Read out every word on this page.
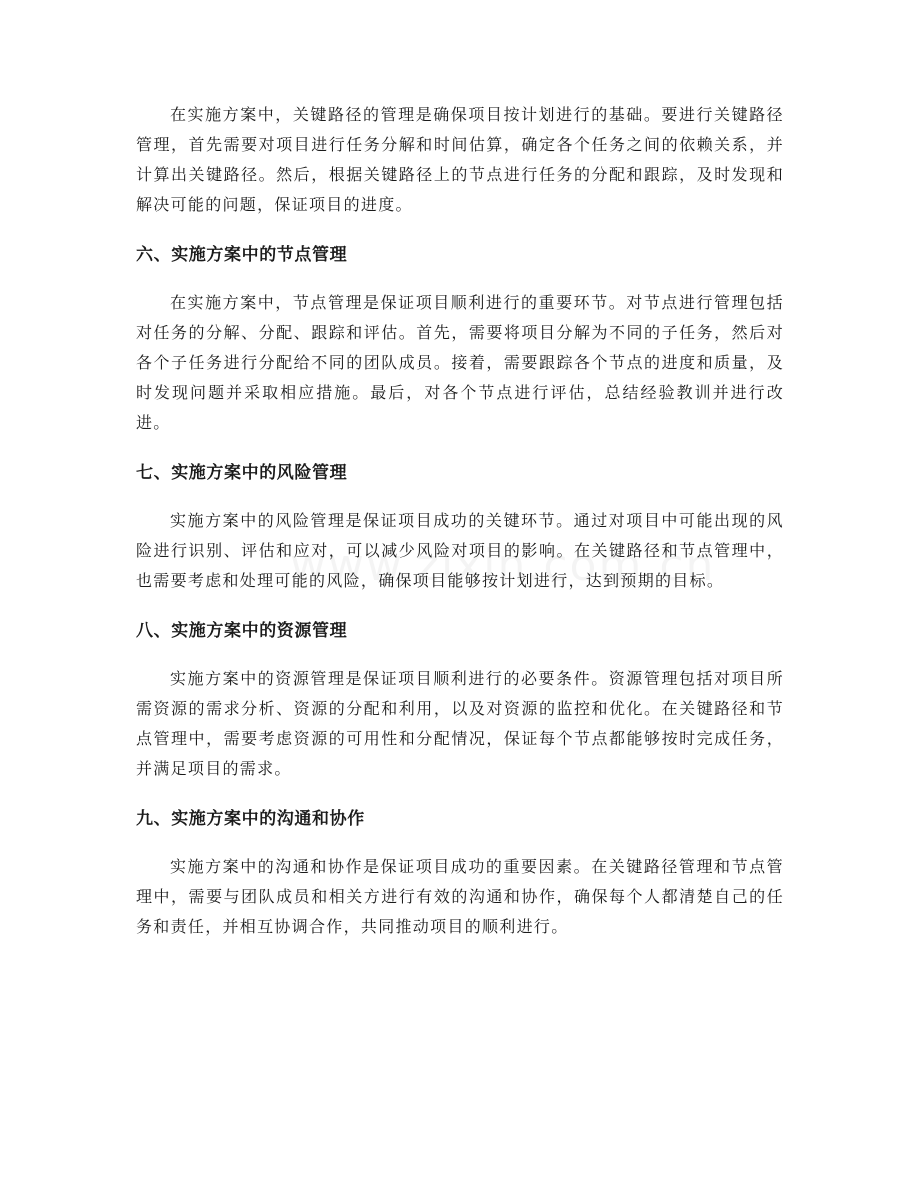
在实施方案中，关键路径的管理是确保项目按计划进行的基础。要进行关键路径管理，首先需要对项目进行任务分解和时间估算，确定各个任务之间的依赖关系，并计算出关键路径。然后，根据关键路径上的节点进行任务的分配和跟踪，及时发现和解决可能的问题，保证项目的进度。

六、实施方案中的节点管理

在实施方案中，节点管理是保证项目顺利进行的重要环节。对节点进行管理包括对任务的分解、分配、跟踪和评估。首先，需要将项目分解为不同的子任务，然后对各个子任务进行分配给不同的团队成员。接着，需要跟踪各个节点的进度和质量，及时发现问题并采取相应措施。最后，对各个节点进行评估，总结经验教训并进行改进。

七、实施方案中的风险管理

实施方案中的风险管理是保证项目成功的关键环节。通过对项目中可能出现的风险进行识别、评估和应对，可以减少风险对项目的影响。在关键路径和节点管理中，也需要考虑和处理可能的风险，确保项目能够按计划进行，达到预期的目标。

八、实施方案中的资源管理

实施方案中的资源管理是保证项目顺利进行的必要条件。资源管理包括对项目所需资源的需求分析、资源的分配和利用，以及对资源的监控和优化。在关键路径和节点管理中，需要考虑资源的可用性和分配情况，保证每个节点都能够按时完成任务，并满足项目的需求。

九、实施方案中的沟通和协作

实施方案中的沟通和协作是保证项目成功的重要因素。在关键路径管理和节点管理中，需要与团队成员和相关方进行有效的沟通和协作，确保每个人都清楚自己的任务和责任，并相互协调合作，共同推动项目的顺利进行。
